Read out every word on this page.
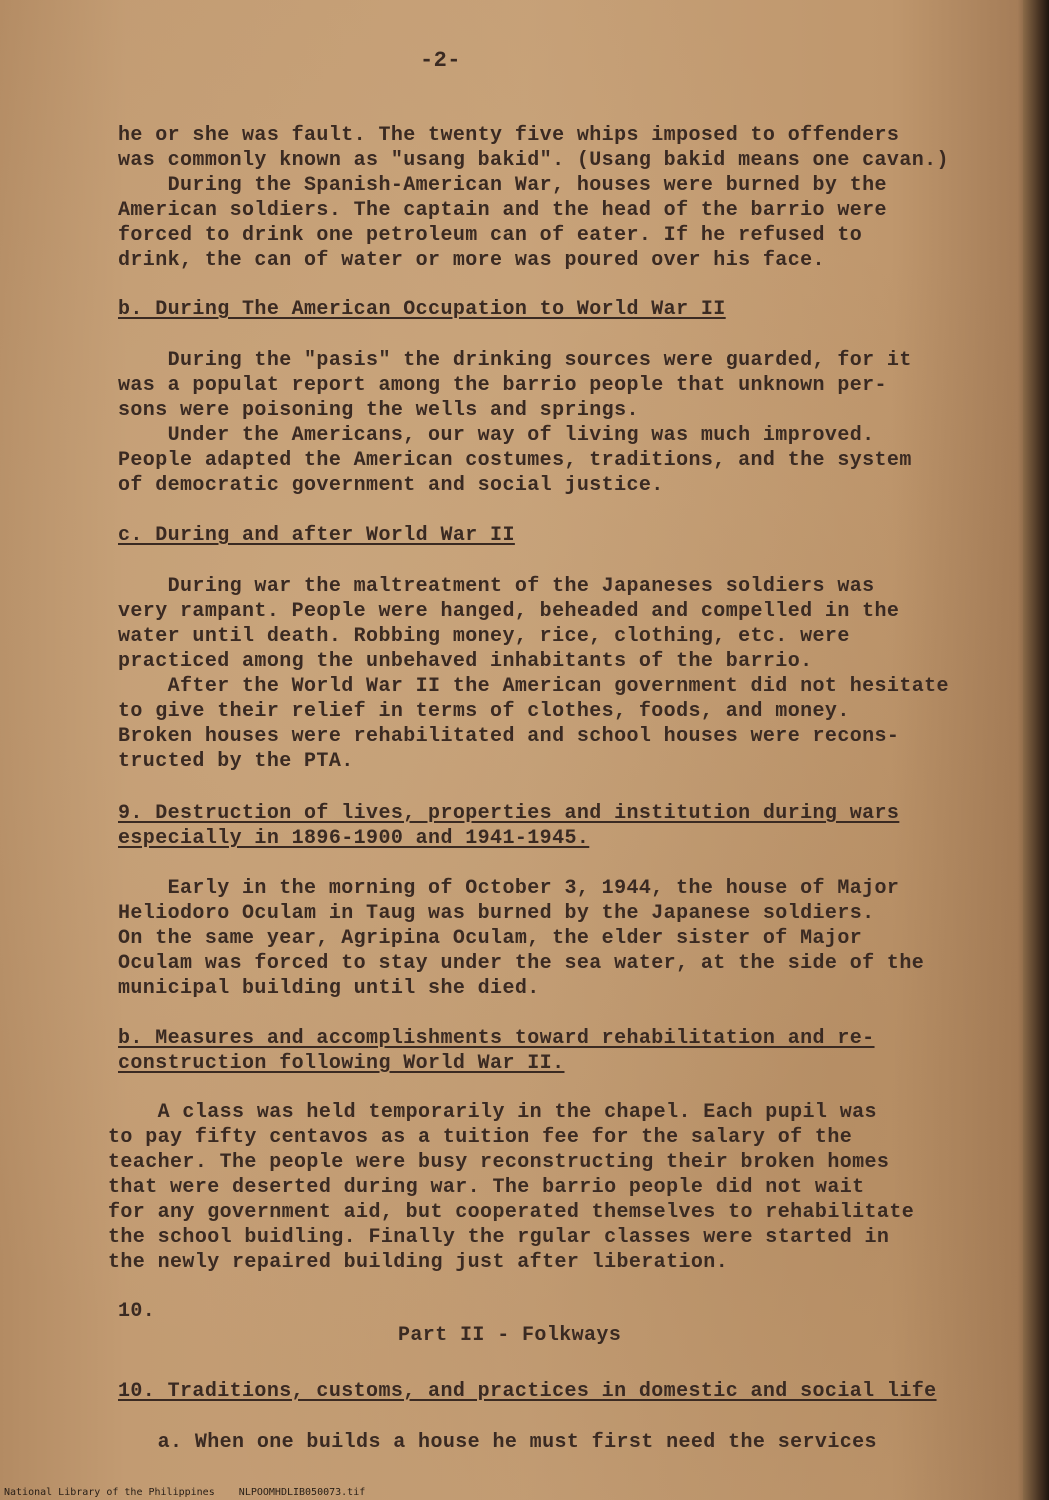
-2-
he or she was fault. The twenty five whips imposed to offenders
was commonly known as "usang bakid". (Usang bakid means one cavan.)
During the Spanish-American War, houses were burned by the
American soldiers. The captain and the head of the barrio were
forced to drink one petroleum can of eater. If he refused to
drink, the can of water or more was poured over his face.
b. During The American Occupation to World War II
During the "pasis" the drinking sources were guarded, for it
was a populat report among the barrio people that unknown per-
sons were poisoning the wells and springs.
Under the Americans, our way of living was much improved.
People adapted the American costumes, traditions, and the system
of democratic government and social justice.
c. During and after World War II
During war the maltreatment of the Japaneses soldiers was
very rampant. People were hanged, beheaded and compelled in the
water until death. Robbing money, rice, clothing, etc. were
practiced among the unbehaved inhabitants of the barrio.
After the World War II the American government did not hesitate
to give their relief in terms of clothes, foods, and money.
Broken houses were rehabilitated and school houses were recons-
tructed by the PTA.
9. Destruction of lives, properties and institution during wars
especially in 1896-1900 and 1941-1945.
Early in the morning of October 3, 1944, the house of Major
Heliodoro Oculam in Taug was burned by the Japanese soldiers.
On the same year, Agripina Oculam, the elder sister of Major
Oculam was forced to stay under the sea water, at the side of the
municipal building until she died.
b. Measures and accomplishments toward rehabilitation and re-
construction following World War II.
A class was held temporarily in the chapel. Each pupil was
to pay fifty centavos as a tuition fee for the salary of the
teacher. The people were busy reconstructing their broken homes
that were deserted during war. The barrio people did not wait
for any government aid, but cooperated themselves to rehabilitate
the school buidling. Finally the rgular classes were started in
the newly repaired building just after liberation.
10.
Part II - Folkways
10. Traditions, customs, and practices in domestic and social life
a. When one builds a house he must first need the services
National Library of the Philippines    NLPOOMHDLIB050073.tif
